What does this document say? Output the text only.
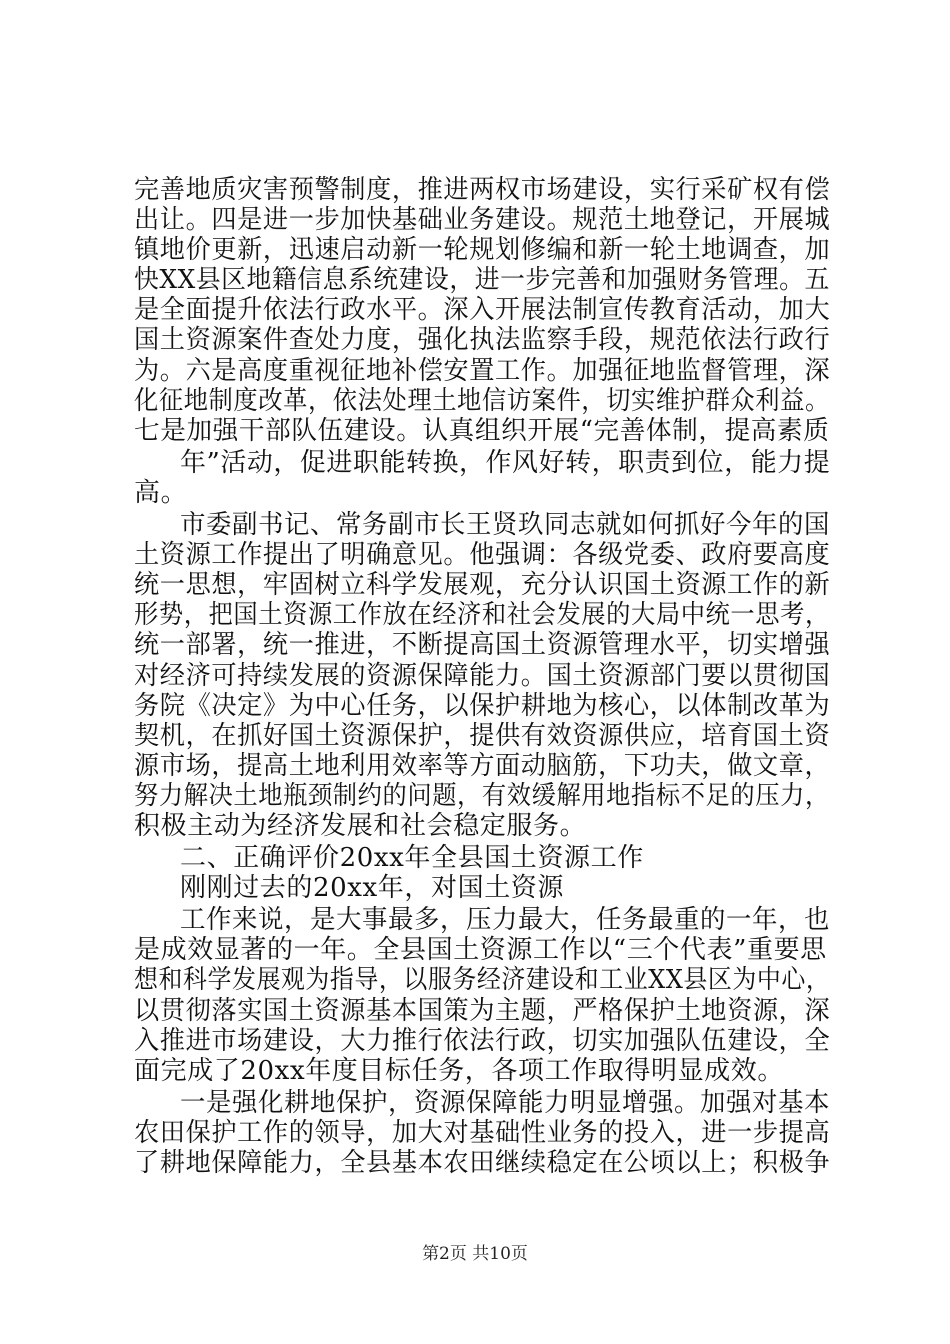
完善地质灾害预警制度，推进两权市场建设，实行采矿权有偿
出让。四是进一步加快基础业务建设。规范土地登记，开展城
镇地价更新，迅速启动新一轮规划修编和新一轮土地调查，加
快XX县区地籍信息系统建设，进一步完善和加强财务管理。五
是全面提升依法行政水平。深入开展法制宣传教育活动，加大
国土资源案件查处力度，强化执法监察手段，规范依法行政行
为。六是高度重视征地补偿安置工作。加强征地监督管理，深
化征地制度改革，依法处理土地信访案件，切实维护群众利益。
七是加强干部队伍建设。认真组织开展“完善体制，提高素质
年”活动，促进职能转换，作风好转，职责到位，能力提
高。
市委副书记、常务副市长王贤玖同志就如何抓好今年的国
土资源工作提出了明确意见。他强调：各级党委、政府要高度
统一思想，牢固树立科学发展观，充分认识国土资源工作的新
形势，把国土资源工作放在经济和社会发展的大局中统一思考，
统一部署，统一推进，不断提高国土资源管理水平，切实增强
对经济可持续发展的资源保障能力。国土资源部门要以贯彻国
务院《决定》为中心任务，以保护耕地为核心，以体制改革为
契机，在抓好国土资源保护，提供有效资源供应，培育国土资
源市场，提高土地利用效率等方面动脑筋，下功夫，做文章，
努力解决土地瓶颈制约的问题，有效缓解用地指标不足的压力，
积极主动为经济发展和社会稳定服务。
二、正确评价20xx年全县国土资源工作
刚刚过去的20xx年，对国土资源
工作来说，是大事最多，压力最大，任务最重的一年，也
是成效显著的一年。全县国土资源工作以“三个代表”重要思
想和科学发展观为指导，以服务经济建设和工业XX县区为中心，
以贯彻落实国土资源基本国策为主题，严格保护土地资源，深
入推进市场建设，大力推行依法行政，切实加强队伍建设，全
面完成了20xx年度目标任务，各项工作取得明显成效。
一是强化耕地保护，资源保障能力明显增强。加强对基本
农田保护工作的领导，加大对基础性业务的投入，进一步提高
了耕地保障能力，全县基本农田继续稳定在公顷以上；积极争
第2页 共10页
